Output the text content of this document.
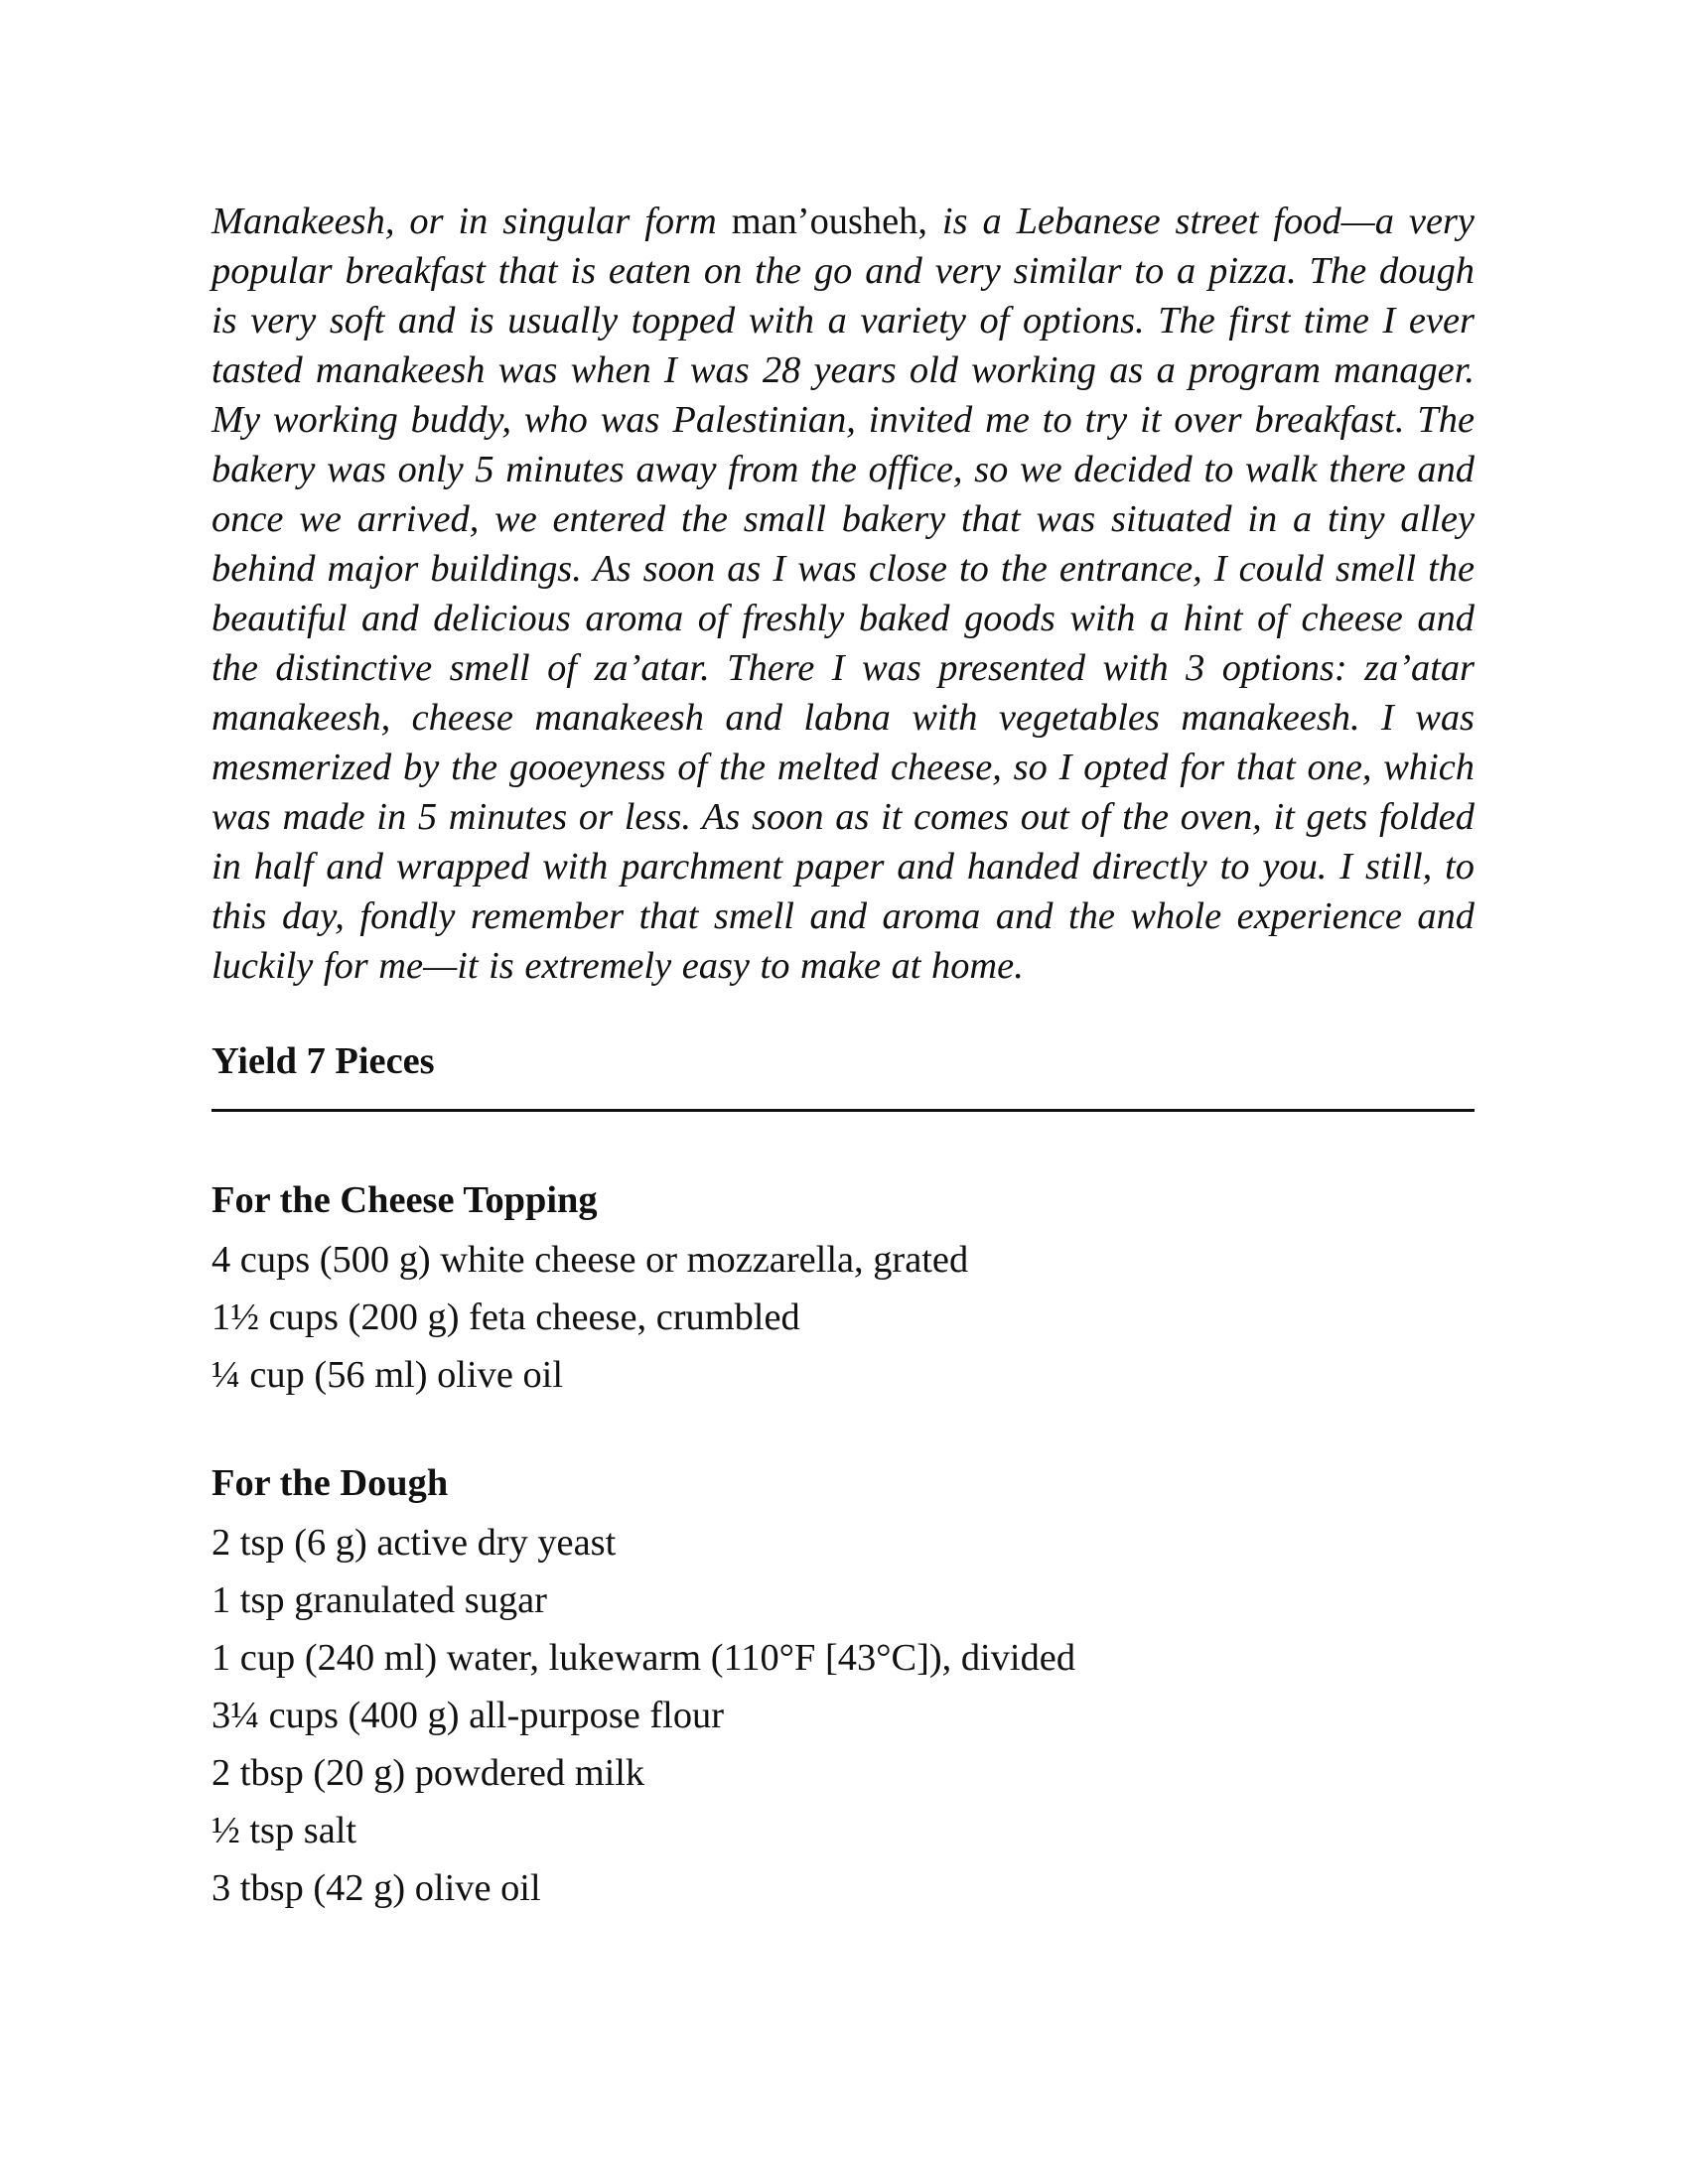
Manakeesh, or in singular form man’ousheh, is a Lebanese street food—a very popular breakfast that is eaten on the go and very similar to a pizza. The dough is very soft and is usually topped with a variety of options. The first time I ever tasted manakeesh was when I was 28 years old working as a program manager. My working buddy, who was Palestinian, invited me to try it over breakfast. The bakery was only 5 minutes away from the office, so we decided to walk there and once we arrived, we entered the small bakery that was situated in a tiny alley behind major buildings. As soon as I was close to the entrance, I could smell the beautiful and delicious aroma of freshly baked goods with a hint of cheese and the distinctive smell of za’atar. There I was presented with 3 options: za’atar manakeesh, cheese manakeesh and labna with vegetables manakeesh. I was mesmerized by the gooeyness of the melted cheese, so I opted for that one, which was made in 5 minutes or less. As soon as it comes out of the oven, it gets folded in half and wrapped with parchment paper and handed directly to you. I still, to this day, fondly remember that smell and aroma and the whole experience and luckily for me—it is extremely easy to make at home.

Yield 7 Pieces
For the Cheese Topping
4 cups (500 g) white cheese or mozzarella, grated
1½ cups (200 g) feta cheese, crumbled
¼ cup (56 ml) olive oil
For the Dough
2 tsp (6 g) active dry yeast
1 tsp granulated sugar
1 cup (240 ml) water, lukewarm (110°F [43°C]), divided
3¼ cups (400 g) all-purpose flour
2 tbsp (20 g) powdered milk
½ tsp salt
3 tbsp (42 g) olive oil
